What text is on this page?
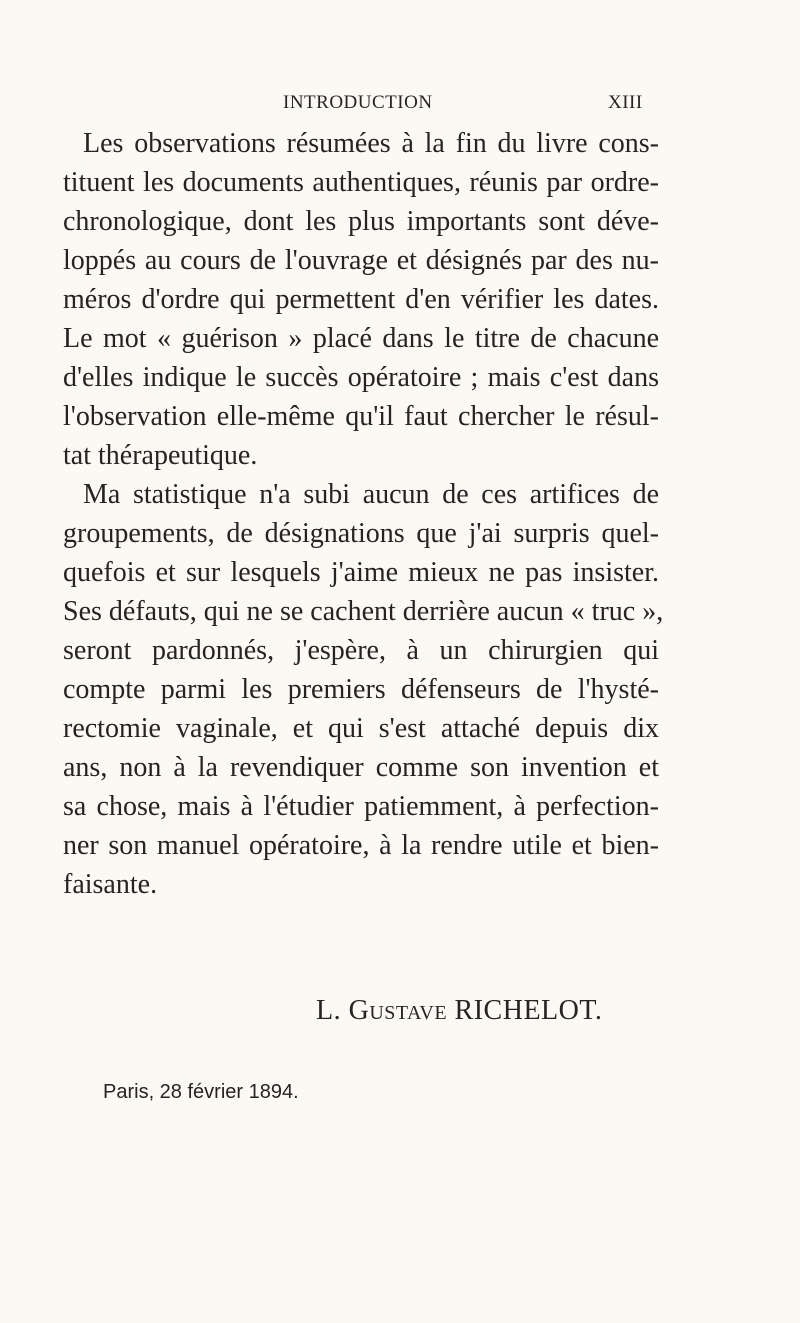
INTRODUCTION	XIII
Les observations résumées à la fin du livre cons-
tituent les documents authentiques, réunis par ordre-
chronologique, dont les plus importants sont déve-
loppés au cours de l'ouvrage et désignés par des nu-
méros d'ordre qui permettent d'en vérifier les dates.
Le mot « guérison » placé dans le titre de chacune
d'elles indique le succès opératoire ; mais c'est dans
l'observation elle-même qu'il faut chercher le résul-
tat thérapeutique.
Ma statistique n'a subi aucun de ces artifices de
groupements, de désignations que j'ai surpris quel-
quefois et sur lesquels j'aime mieux ne pas insister.
Ses défauts, qui ne se cachent derrière aucun « truc »,
seront pardonnés, j'espère, à un chirurgien qui
compte parmi les premiers défenseurs de l'hysté-
rectomie vaginale, et qui s'est attaché depuis dix
ans, non à la revendiquer comme son invention et
sa chose, mais à l'étudier patiemment, à perfection-
ner son manuel opératoire, à la rendre utile et bien-
faisante.
L. Gustave RICHELOT.
Paris, 28 février 1894.
